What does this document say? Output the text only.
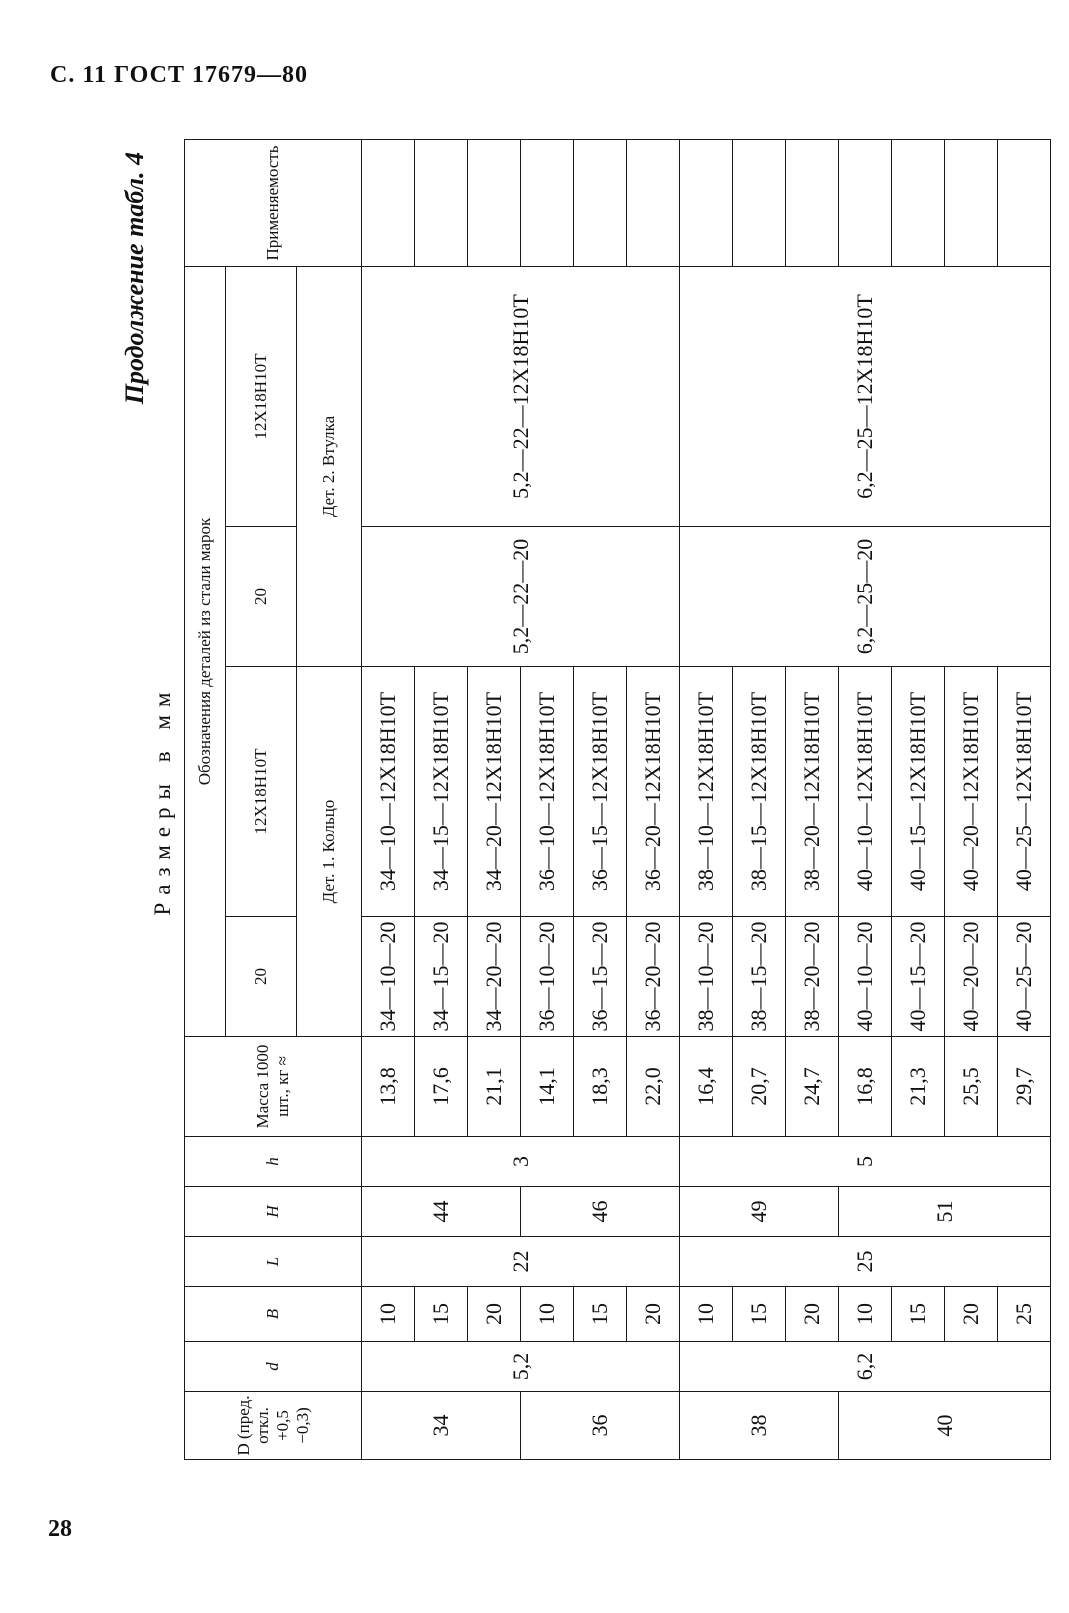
С. 11 ГОСТ 17679—80
Продолжение табл. 4
Размеры в мм
D (пред. откл. +0,5 −0,3)	d	B	L	H	h	Масса 1000 шт., кг ≈	Обозначения деталей из стали марок				Применяемость
							20	12Х18Н10Т	20	12Х18Н10Т	
							Дет. 1. Кольцо		Дет. 2. Втулка		
34	5,2	10	22	44	3	13,8	34—10—20	34—10—12Х18Н10Т	5,2—22—20	5,2—22—12Х18Н10Т	
		15				17,6	34—15—20	34—15—12Х18Н10Т			
		20				21,1	34—20—20	34—20—12Х18Н10Т			
36		10		46		14,1	36—10—20	36—10—12Х18Н10Т			
		15				18,3	36—15—20	36—15—12Х18Н10Т			
		20				22,0	36—20—20	36—20—12Х18Н10Т			
38	6,2	10	25	49	5	16,4	38—10—20	38—10—12Х18Н10Т	6,2—25—20	6,2—25—12Х18Н10Т	
		15				20,7	38—15—20	38—15—12Х18Н10Т			
		20				24,7	38—20—20	38—20—12Х18Н10Т			
40		10		51		16,8	40—10—20	40—10—12Х18Н10Т			
		15				21,3	40—15—20	40—15—12Х18Н10Т			
		20				25,5	40—20—20	40—20—12Х18Н10Т			
		25				29,7	40—25—20	40—25—12Х18Н10Т			
28
